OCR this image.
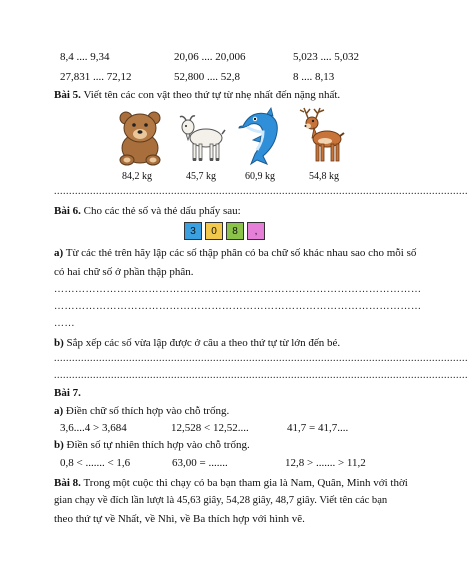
8,4 .... 9,34	20,06 .... 20,006	5,023 .... 5,032
27,831 .... 72,12	52,800 .... 52,8	8 .... 8,13
Bài 5. Viết tên các con vật theo thứ tự từ nhẹ nhất đến nặng nhất.
84,2 kg	45,7 kg	60,9 kg	54,8 kg
..........................................................................................................................................
Bài 6. Cho các thẻ số và thẻ dấu phẩy sau:
3	0	8	,
a) Từ các thẻ trên hãy lập các số thập phân có ba chữ số khác nhau sao cho mỗi số
có hai chữ số ở phần thập phân.
……………………………………………………………………………………………
……………………………………………………………………………………………
……
b) Sắp xếp các số vừa lập được ở câu a theo thứ tự từ lớn đến bé.
..........................................................................................................................................
..........................................................................................................................................
Bài 7.
a) Điền chữ số thích hợp vào chỗ trống.
3,6....4 > 3,684	12,528 < 12,52....	41,7 = 41,7....
b) Điền số tự nhiên thích hợp vào chỗ trống.
0,8 < ....... < 1,6	63,00 = .......	12,8 > ....... > 11,2
Bài 8. Trong một cuộc thi chạy có ba bạn tham gia là Nam, Quân, Minh với thời
gian chạy về đích lần lượt là 45,63 giây, 54,28 giây, 48,7 giây. Viết tên các bạn
theo thứ tự về Nhất, về Nhì, về Ba thích hợp với hình vẽ.
